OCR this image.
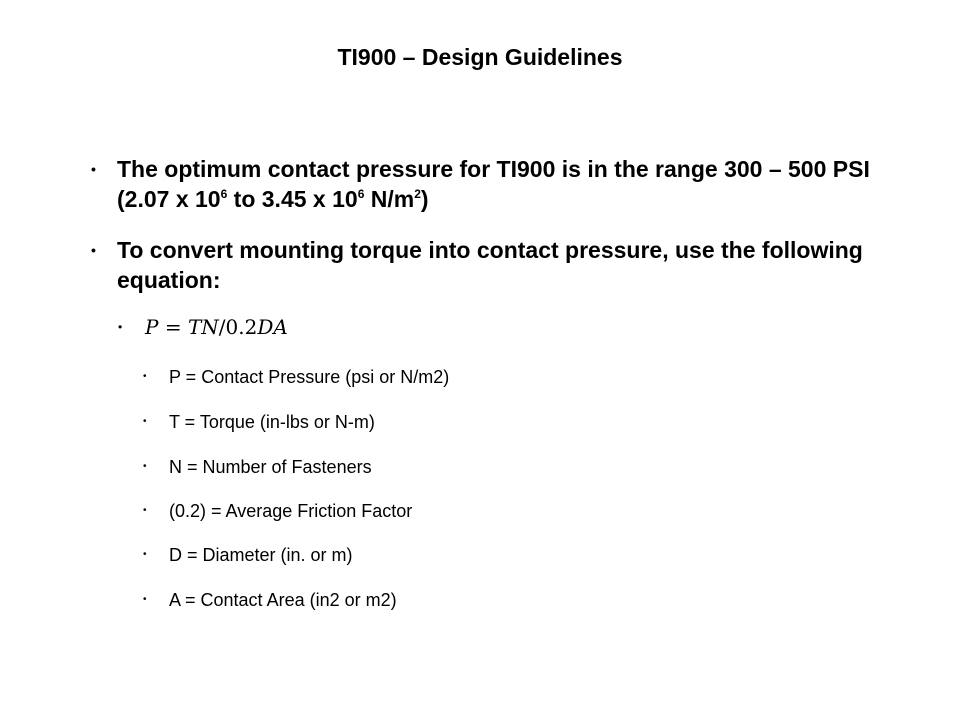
TI900 – Design Guidelines
• The optimum contact pressure for TI900 is in the range 300 – 500 PSI (2.07 x $10^6$ to 3.45 x $10^6$ $N/m^2$)
• To convert mounting torque into contact pressure, use the following equation:
• P = TN/0.2DA
• P = Contact Pressure (psi or N/m2)
• T = Torque (in-lbs or N-m)
• N = Number of Fasteners
• (0.2) = Average Friction Factor
• D = Diameter (in. or m)
• A = Contact Area (in2 or m2)
